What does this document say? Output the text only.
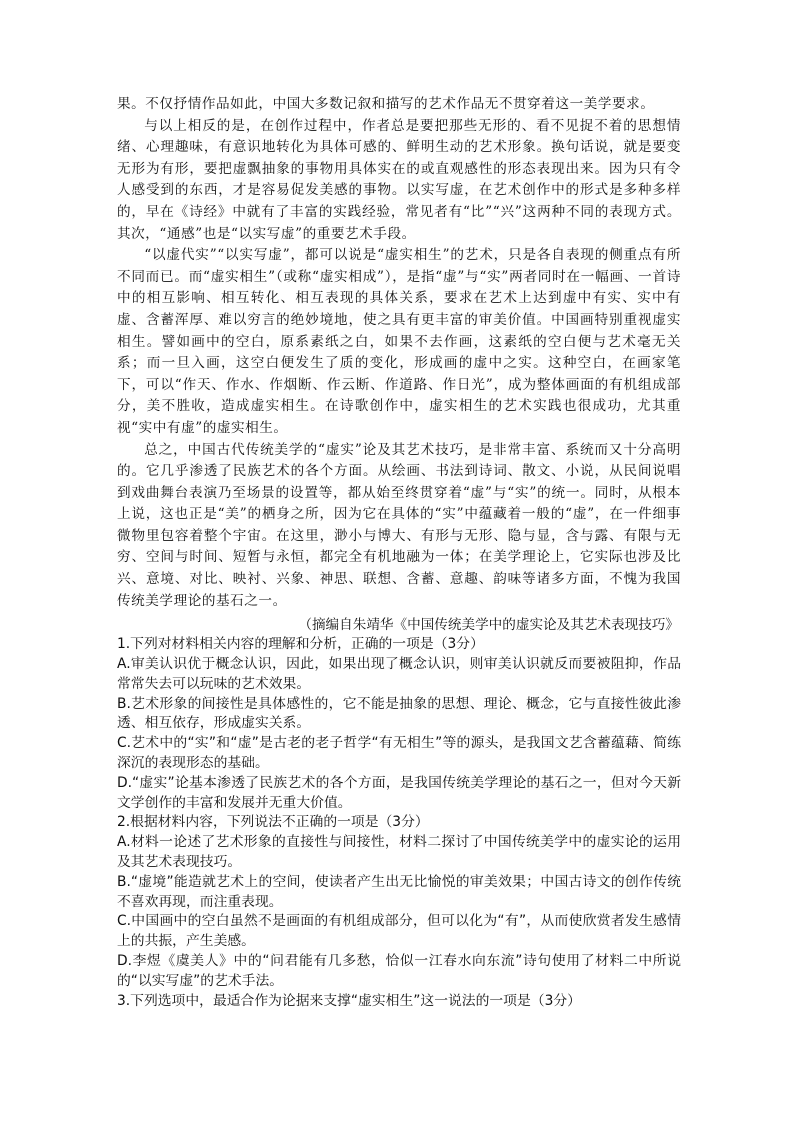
果。不仅抒情作品如此，中国大多数记叙和描写的艺术作品无不贯穿着这一美学要求。

与以上相反的是，在创作过程中，作者总是要把那些无形的、看不见捉不着的思想情绪、心理趣味，有意识地转化为具体可感的、鲜明生动的艺术形象。换句话说，就是要变无形为有形，要把虚飘抽象的事物用具体实在的或直观感性的形态表现出来。因为只有令人感受到的东西，才是容易促发美感的事物。以实写虚，在艺术创作中的形式是多种多样的，早在《诗经》中就有了丰富的实践经验，常见者有“比”“兴”这两种不同的表现方式。其次，“通感”也是“以实写虚”的重要艺术手段。

“以虚代实”“以实写虚”，都可以说是“虚实相生”的艺术，只是各自表现的侧重点有所不同而已。而“虚实相生”（或称“虚实相成”），是指“虚”与“实”两者同时在一幅画、一首诗中的相互影响、相互转化、相互表现的具体关系，要求在艺术上达到虚中有实、实中有虚、含蓄浑厚、难以穷言的绝妙境地，使之具有更丰富的审美价值。中国画特别重视虚实相生。譬如画中的空白，原系素纸之白，如果不去作画，这素纸的空白便与艺术毫无关系；而一旦入画，这空白便发生了质的变化，形成画的虚中之实。这种空白，在画家笔下，可以“作天、作水、作烟断、作云断、作道路、作日光”，成为整体画面的有机组成部分，美不胜收，造成虚实相生。在诗歌创作中，虚实相生的艺术实践也很成功，尤其重视“实中有虚”的虚实相生。

总之，中国古代传统美学的“虚实”论及其艺术技巧，是非常丰富、系统而又十分高明的。它几乎渗透了民族艺术的各个方面。从绘画、书法到诗词、散文、小说，从民间说唱到戏曲舞台表演乃至场景的设置等，都从始至终贯穿着“虚”与“实”的统一。同时，从根本上说，这也正是“美”的栖身之所，因为它在具体的“实”中蕴藏着一般的“虚”，在一件细事微物里包容着整个宇宙。在这里，渺小与博大、有形与无形、隐与显，含与露、有限与无穷、空间与时间、短暂与永恒，都完全有机地融为一体；在美学理论上，它实际也涉及比兴、意境、对比、映衬、兴象、神思、联想、含蓄、意趣、韵味等诸多方面，不愧为我国传统美学理论的基石之一。

（摘编自朱靖华《中国传统美学中的虚实论及其艺术表现技巧》

1.下列对材料相关内容的理解和分析，正确的一项是（3分）

A.审美认识优于概念认识，因此，如果出现了概念认识，则审美认识就反而要被阻抑，作品常常失去可以玩味的艺术效果。

B.艺术形象的间接性是具体感性的，它不能是抽象的思想、理论、概念，它与直接性彼此渗透、相互依存，形成虚实关系。

C.艺术中的“实”和“虚”是古老的老子哲学“有无相生”等的源头，是我国文艺含蓄蕴藉、简练深沉的表现形态的基础。

D.“虚实”论基本渗透了民族艺术的各个方面，是我国传统美学理论的基石之一，但对今天新文学创作的丰富和发展并无重大价值。

2.根据材料内容，下列说法不正确的一项是（3分）

A.材料一论述了艺术形象的直接性与间接性，材料二探讨了中国传统美学中的虚实论的运用及其艺术表现技巧。

B.“虚境”能造就艺术上的空间，使读者产生出无比愉悦的审美效果；中国古诗文的创作传统不喜欢再现，而注重表现。

C.中国画中的空白虽然不是画面的有机组成部分，但可以化为“有”，从而使欣赏者发生感情上的共振，产生美感。

D.李煜《虞美人》中的“问君能有几多愁，恰似一江春水向东流”诗句使用了材料二中所说的“以实写虚”的艺术手法。

3.下列选项中，最适合作为论据来支撑“虚实相生”这一说法的一项是（3分）
